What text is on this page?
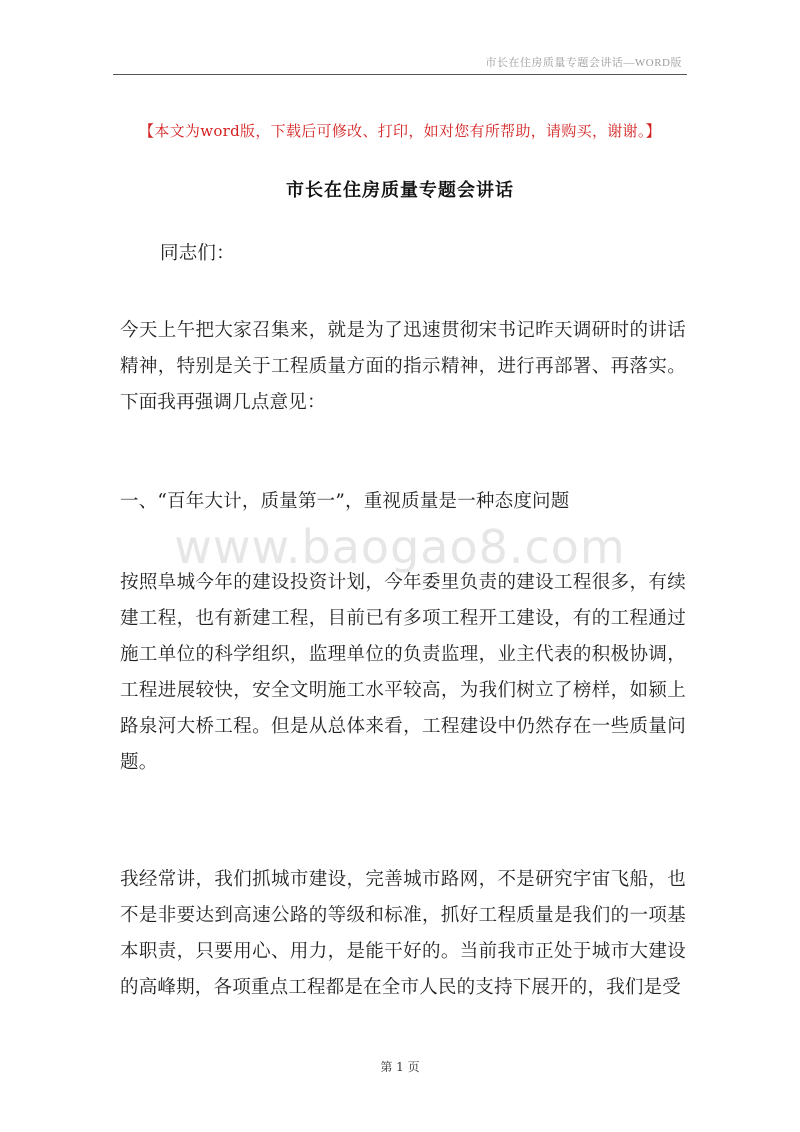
市长在住房质量专题会讲话—WORD版
【本文为word版，下载后可修改、打印，如对您有所帮助，请购买，谢谢。】
市长在住房质量专题会讲话
同志们：
今天上午把大家召集来，就是为了迅速贯彻宋书记昨天调研时的讲话精神，特别是关于工程质量方面的指示精神，进行再部署、再落实。下面我再强调几点意见：
一、“百年大计，质量第一”，重视质量是一种态度问题
www.baogao8.com
按照阜城今年的建设投资计划，今年委里负责的建设工程很多，有续建工程，也有新建工程，目前已有多项工程开工建设，有的工程通过施工单位的科学组织，监理单位的负责监理，业主代表的积极协调，工程进展较快，安全文明施工水平较高，为我们树立了榜样，如颍上路泉河大桥工程。但是从总体来看，工程建设中仍然存在一些质量问题。
我经常讲，我们抓城市建设，完善城市路网，不是研究宇宙飞船，也不是非要达到高速公路的等级和标准，抓好工程质量是我们的一项基本职责，只要用心、用力，是能干好的。当前我市正处于城市大建设的高峰期，各项重点工程都是在全市人民的支持下展开的，我们是受
第 1 页
